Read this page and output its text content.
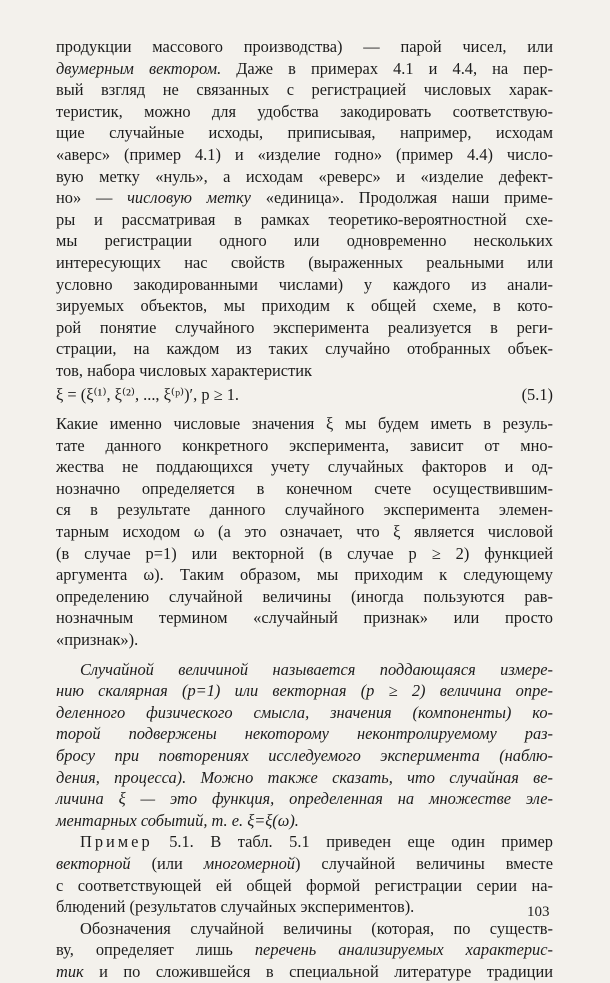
продукции массового производства) — парой чисел, или
двумерным вектором. Даже в примерах 4.1 и 4.4, на пер-
вый взгляд не связанных с регистрацией числовых харак-
теристик, можно для удобства закодировать соответствую-
щие случайные исходы, приписывая, например, исходам
«аверс» (пример 4.1) и «изделие годно» (пример 4.4) число-
вую метку «нуль», а исходам «реверс» и «изделие дефект-
но» — числовую метку «единица». Продолжая наши приме-
ры и рассматривая в рамках теоретико-вероятностной схе-
мы регистрации одного или одновременно нескольких
интересующих нас свойств (выраженных реальными или
условно закодированными числами) у каждого из анали-
зируемых объектов, мы приходим к общей схеме, в кото-
рой понятие случайного эксперимента реализуется в реги-
страции, на каждом из таких случайно отобранных объек-
тов, набора числовых характеристик
ξ = (ξ⁽¹⁾, ξ⁽²⁾, ..., ξ⁽ᵖ⁾)′, p ≥ 1.	(5.1)
Какие именно числовые значения ξ мы будем иметь в резуль-
тате данного конкретного эксперимента, зависит от мно-
жества не поддающихся учету случайных факторов и од-
нозначно определяется в конечном счете осуществившим-
ся в результате данного случайного эксперимента элемен-
тарным исходом ω (а это означает, что ξ является числовой
(в случае p=1) или векторной (в случае p ≥ 2) функцией
аргумента ω). Таким образом, мы приходим к следующему
определению случайной величины (иногда пользуются рав-
нозначным термином «случайный признак» или просто
«признак»).
Случайной величиной называется поддающаяся измере-
нию скалярная (p=1) или векторная (p ≥ 2) величина опре-
деленного физического смысла, значения (компоненты) ко-
торой подвержены некоторому неконтролируемому раз-
бросу при повторениях исследуемого эксперимента (наблю-
дения, процесса). Можно также сказать, что случайная ве-
личина ξ — это функция, определенная на множестве эле-
ментарных событий, т. е. ξ=ξ(ω).
Пример 5.1. В табл. 5.1 приведен еще один пример
векторной (или многомерной) случайной величины вместе
с соответствующей ей общей формой регистрации серии на-
блюдений (результатов случайных экспериментов).
Обозначения случайной величины (которая, по существ-
ву, определяет лишь перечень анализируемых характерис-
тик и по сложившейся в специальной литературе традиции
103
